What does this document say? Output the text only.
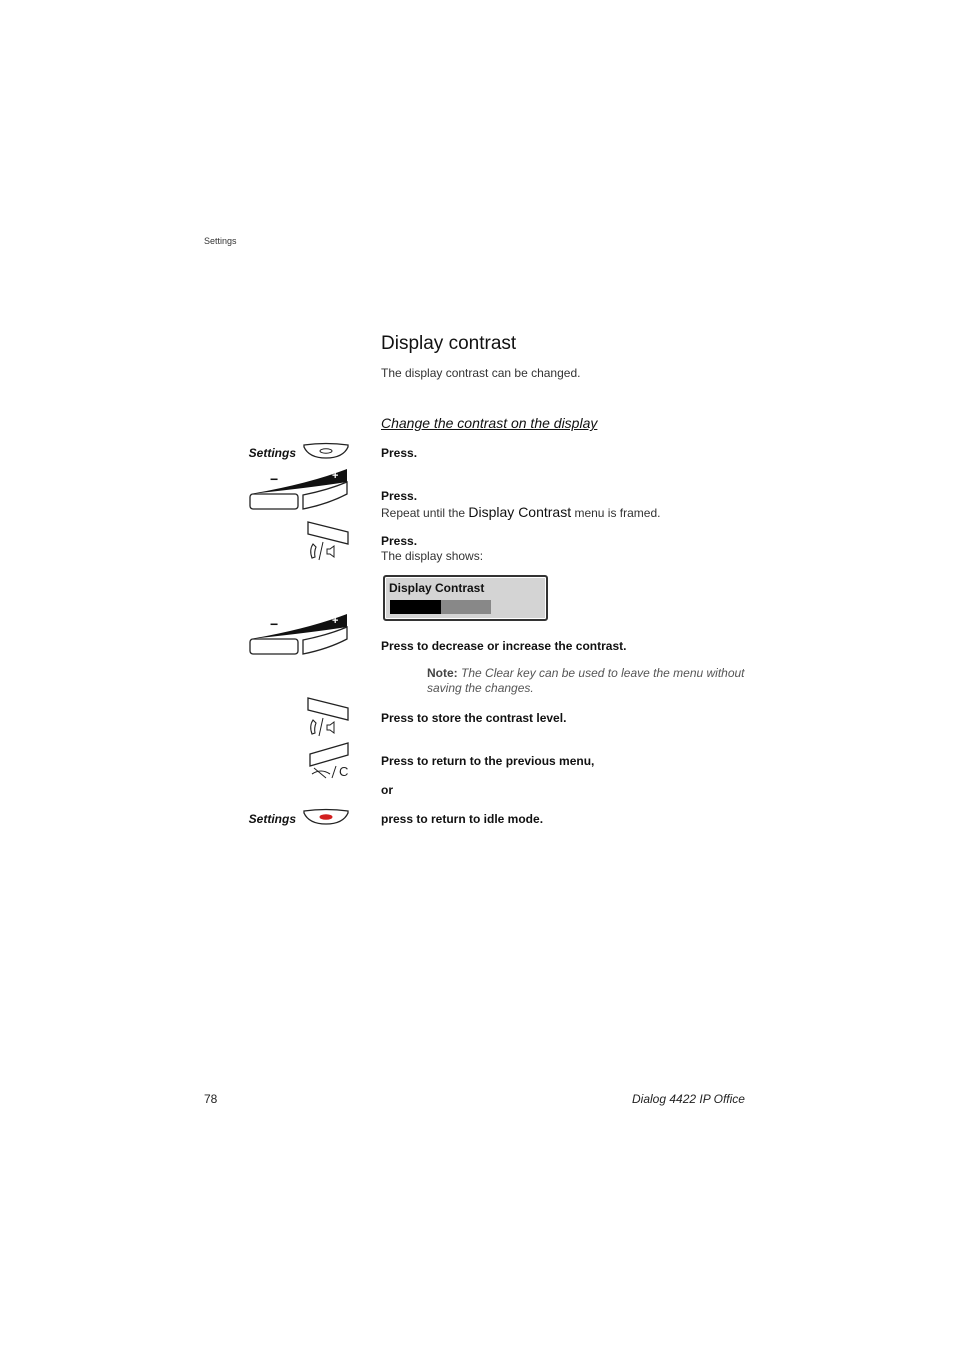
Settings
Display contrast
The display contrast can be changed.
Change the contrast on the display
Settings	Press.
−	+
Press.
Repeat until the Display Contrast menu is framed.
Press.
The display shows:
Display Contrast
−	+
Press to decrease or increase the contrast.
Note: The Clear key can be used to leave the menu without saving the changes.
Press to store the contrast level.
C
Press to return to the previous menu,
or
Settings	press to return to idle mode.
78	Dialog 4422 IP Office
